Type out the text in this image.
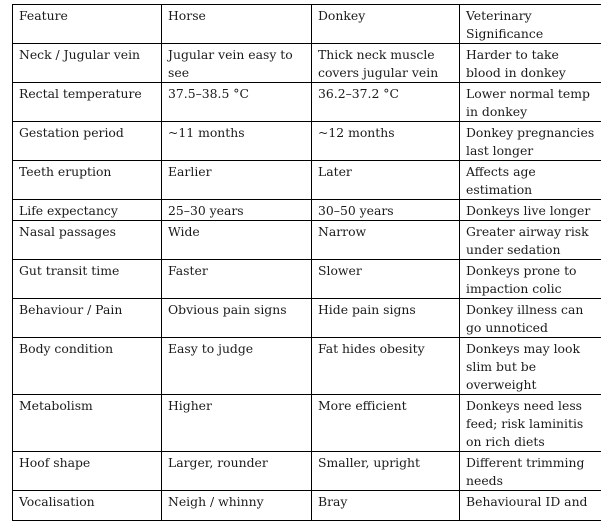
Feature	Horse	Donkey	Veterinary Significance
Neck / Jugular vein	Jugular vein easy to see	Thick neck muscle covers jugular vein	Harder to take blood in donkey
Rectal temperature	37.5–38.5 °C	36.2–37.2 °C	Lower normal temp in donkey
Gestation period	~11 months	~12 months	Donkey pregnancies last longer
Teeth eruption	Earlier	Later	Affects age estimation
Life expectancy	25–30 years	30–50 years	Donkeys live longer
Nasal passages	Wide	Narrow	Greater airway risk under sedation
Gut transit time	Faster	Slower	Donkeys prone to impaction colic
Behaviour / Pain	Obvious pain signs	Hide pain signs	Donkey illness can go unnoticed
Body condition	Easy to judge	Fat hides obesity	Donkeys may look slim but be overweight
Metabolism	Higher	More efficient	Donkeys need less feed; risk laminitis on rich diets
Hoof shape	Larger, rounder	Smaller, upright	Different trimming needs
Vocalisation	Neigh / whinny	Bray	Behavioural ID and
